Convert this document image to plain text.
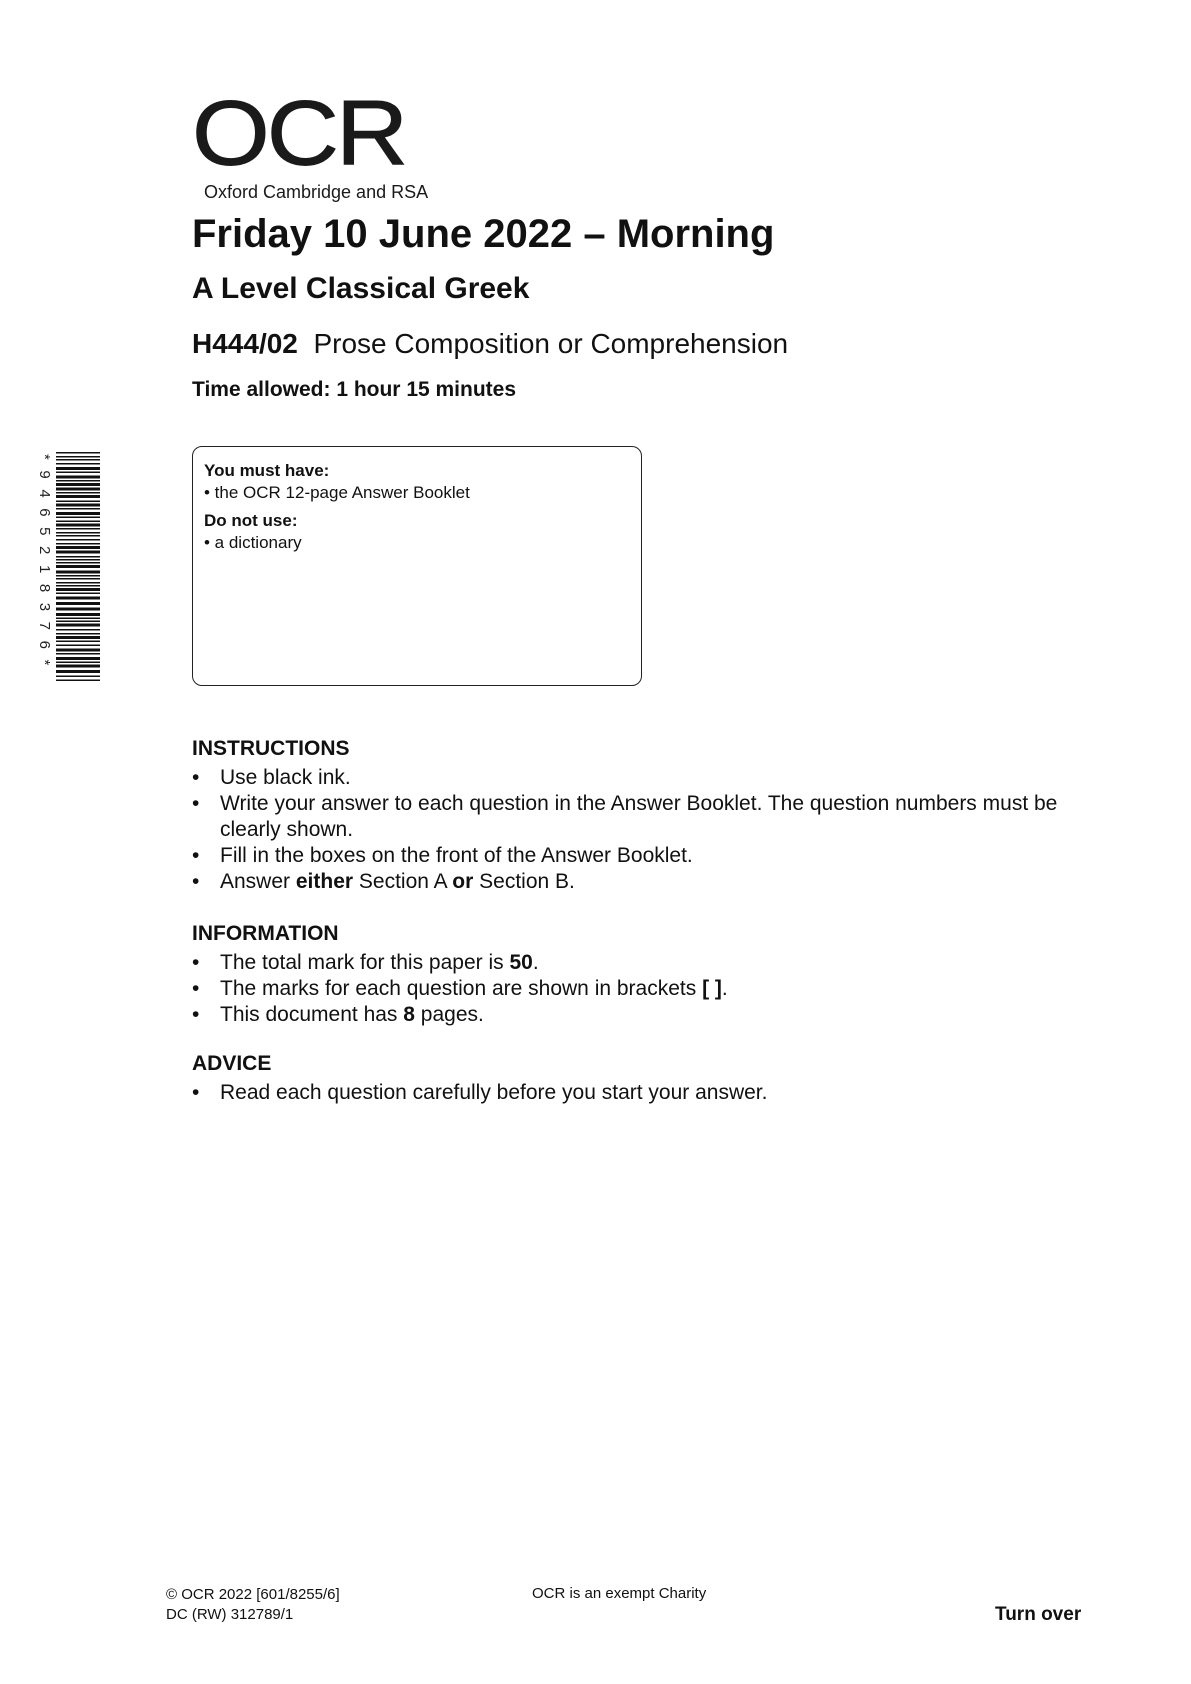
OCR
Oxford Cambridge and RSA
Friday 10 June 2022 – Morning
A Level Classical Greek
H444/02 Prose Composition or Comprehension
Time allowed: 1 hour 15 minutes
* 9 4 6 5 2 1 8 3 7 6 *	You must have:
• the OCR 12-page Answer Booklet
Do not use:
• a dictionary
INSTRUCTIONS
• Use black ink.
• Write your answer to each question in the Answer Booklet. The question numbers must be clearly shown.
• Fill in the boxes on the front of the Answer Booklet.
• Answer either Section A or Section B.
INFORMATION
• The total mark for this paper is 50.
• The marks for each question are shown in brackets [ ].
• This document has 8 pages.
ADVICE
• Read each question carefully before you start your answer.
© OCR 2022 [601/8255/6]
DC (RW) 312789/1
OCR is an exempt Charity
Turn over
